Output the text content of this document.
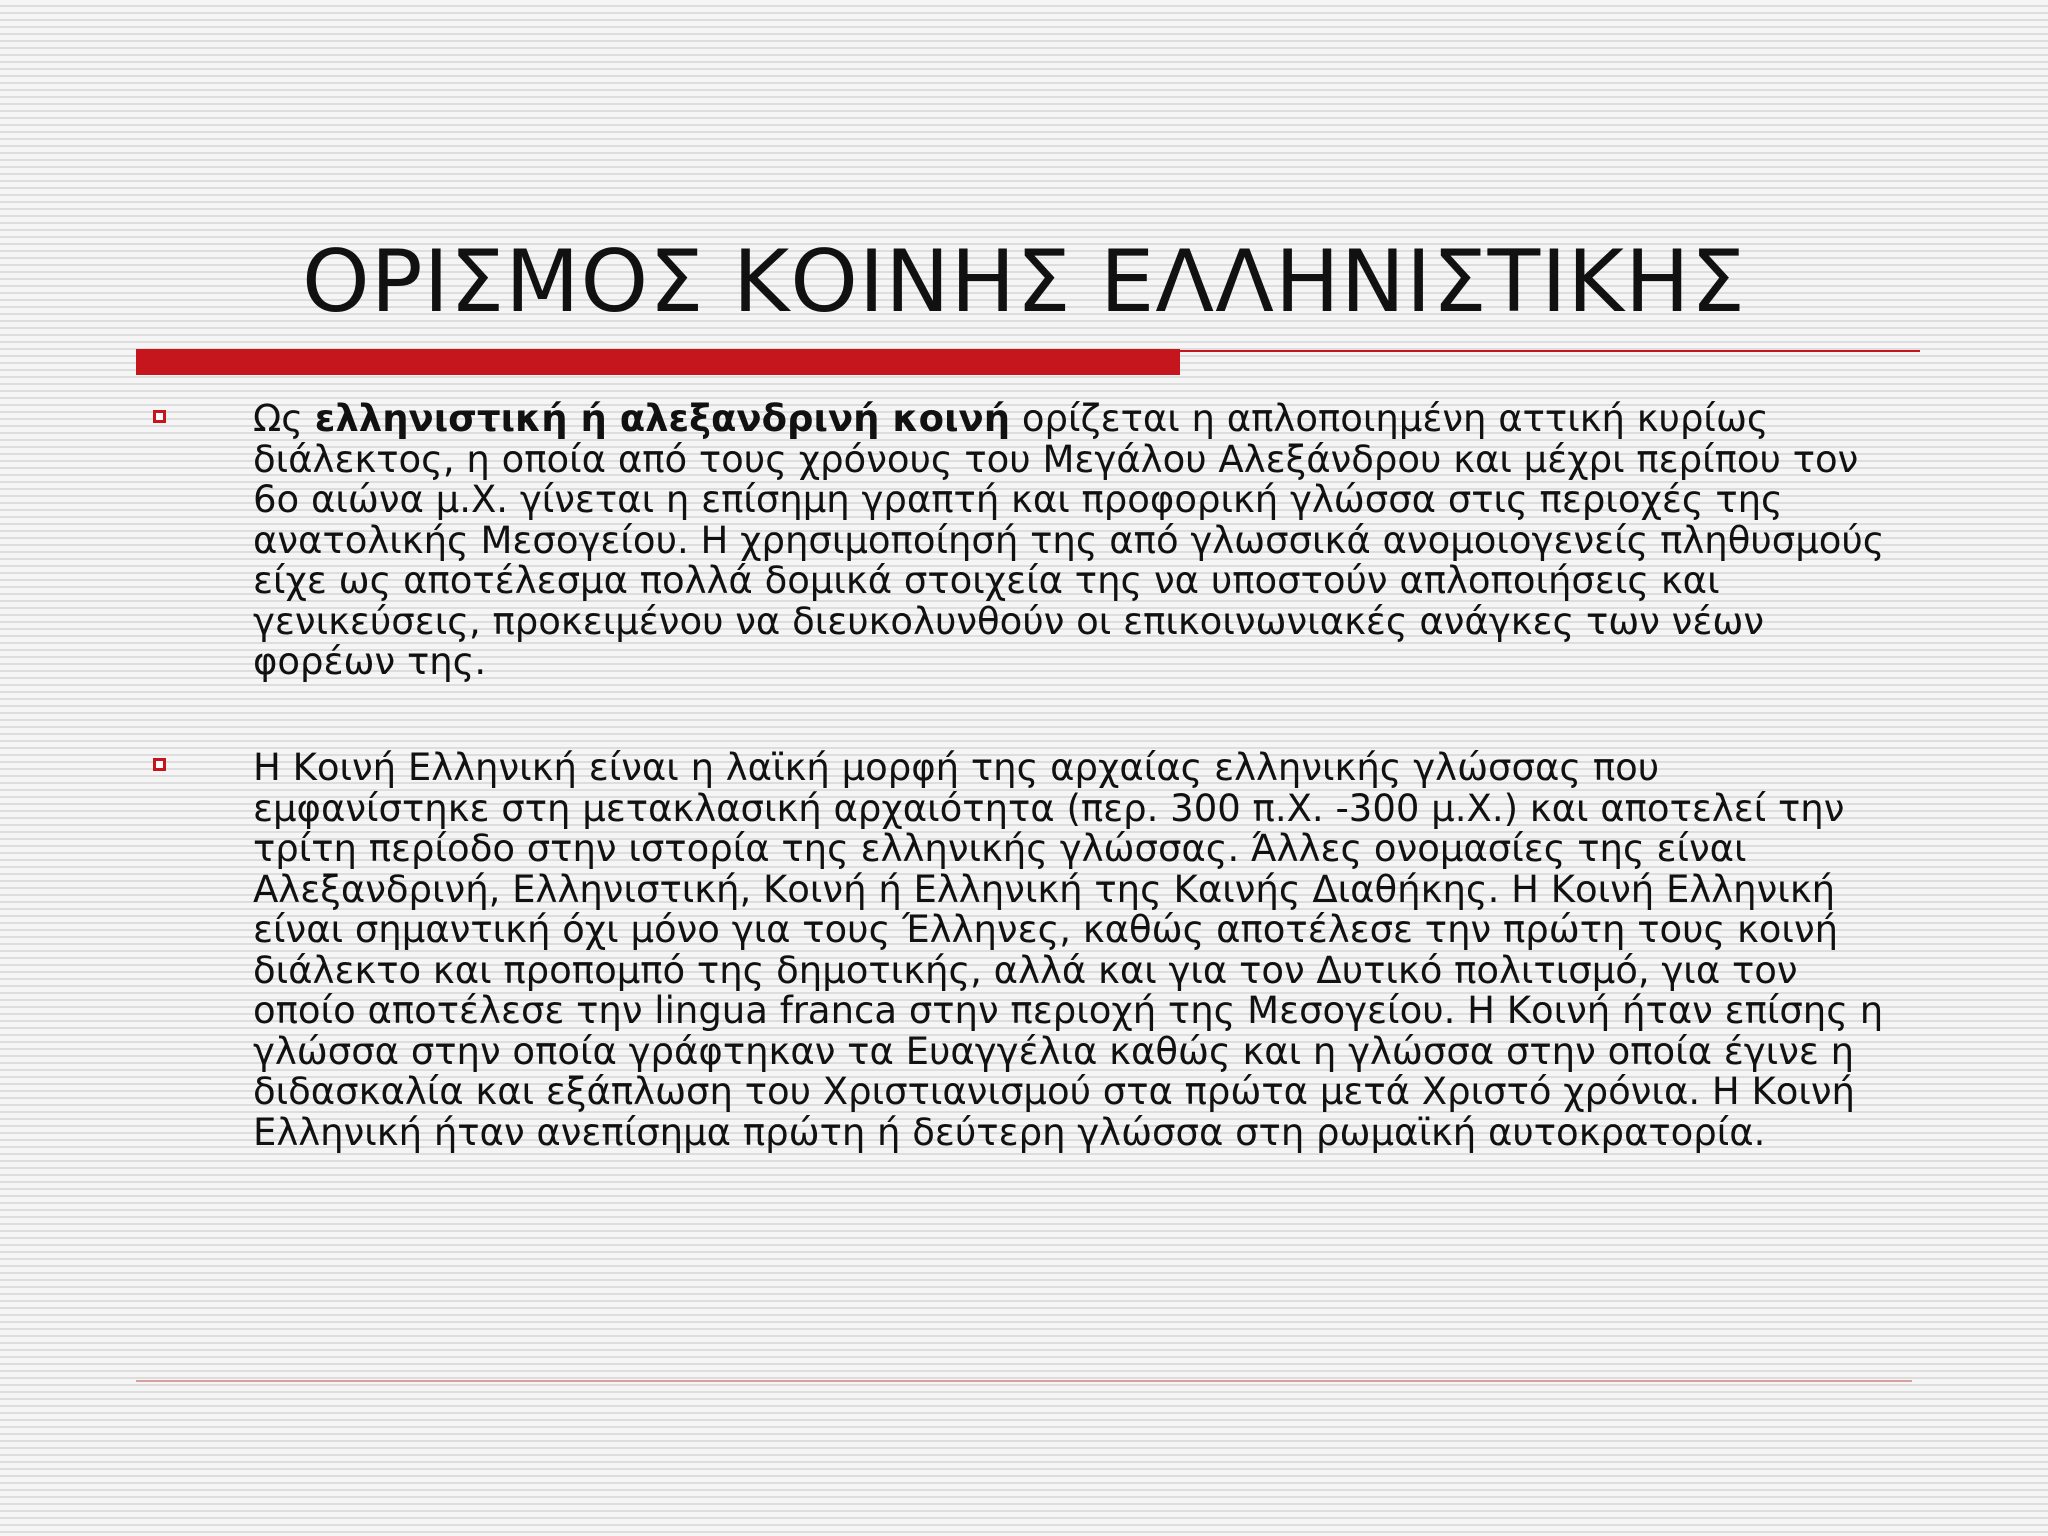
ΟΡΙΣΜΟΣ ΚΟΙΝΗΣ ΕΛΛΗΝΙΣΤΙΚΗΣ

Ως ελληνιστική ή αλεξανδρινή κοινή ορίζεται η απλοποιημένη αττική κυρίως διάλεκτος, η οποία από τους χρόνους του Μεγάλου Αλεξάνδρου και μέχρι περίπου τον 6ο αιώνα μ.Χ. γίνεται η επίσημη γραπτή και προφορική γλώσσα στις περιοχές της ανατολικής Μεσογείου. Η χρησιμοποίησή της από γλωσσικά ανομοιογενείς πληθυσμούς είχε ως αποτέλεσμα πολλά δομικά στοιχεία της να υποστούν απλοποιήσεις και γενικεύσεις, προκειμένου να διευκολυνθούν οι επικοινωνιακές ανάγκες των νέων φορέων της.

Η Κοινή Ελληνική είναι η λαϊκή μορφή της αρχαίας ελληνικής γλώσσας που εμφανίστηκε στη μετακλασική αρχαιότητα (περ. 300 π.Χ. -300 μ.Χ.) και αποτελεί την τρίτη περίοδο στην ιστορία της ελληνικής γλώσσας. Άλλες ονομασίες της είναι Αλεξανδρινή, Ελληνιστική, Κοινή ή Ελληνική της Καινής Διαθήκης. Η Κοινή Ελληνική είναι σημαντική όχι μόνο για τους Έλληνες, καθώς αποτέλεσε την πρώτη τους κοινή διάλεκτο και προπομπό της δημοτικής, αλλά και για τον Δυτικό πολιτισμό, για τον οποίο αποτέλεσε την lingua franca στην περιοχή της Μεσογείου. Η Κοινή ήταν επίσης η γλώσσα στην οποία γράφτηκαν τα Ευαγγέλια καθώς και η γλώσσα στην οποία έγινε η διδασκαλία και εξάπλωση του Χριστιανισμού στα πρώτα μετά Χριστό χρόνια. Η Κοινή Ελληνική ήταν ανεπίσημα πρώτη ή δεύτερη γλώσσα στη ρωμαϊκή αυτοκρατορία.
